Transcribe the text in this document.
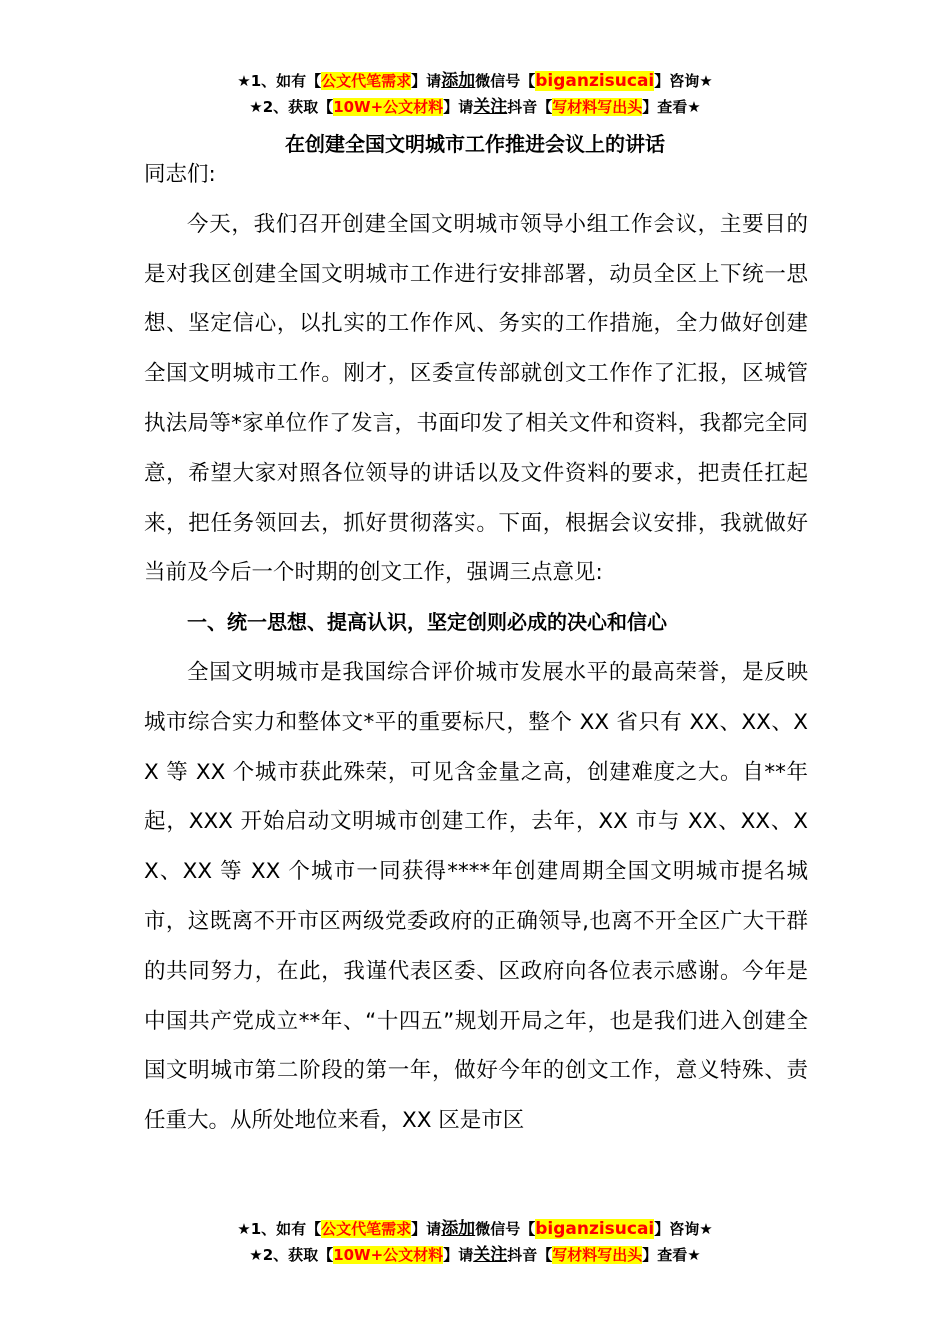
★1、如有【公文代笔需求】请添加微信号【biganzisucai】咨询★
★2、获取【10W+公文材料】请关注抖音【写材料写出头】查看★
在创建全国文明城市工作推进会议上的讲话

同志们:

今天，我们召开创建全国文明城市领导小组工作会议，主要目的是对我区创建全国文明城市工作进行安排部署，动员全区上下统一思想、坚定信心，以扎实的工作作风、务实的工作措施，全力做好创建全国文明城市工作。刚才，区委宣传部就创文工作作了汇报，区城管执法局等*家单位作了发言，书面印发了相关文件和资料，我都完全同意，希望大家对照各位领导的讲话以及文件资料的要求，把责任扛起来，把任务领回去，抓好贯彻落实。下面，根据会议安排，我就做好当前及今后一个时期的创文工作，强调三点意见:

一、统一思想、提高认识，坚定创则必成的决心和信心

全国文明城市是我国综合评价城市发展水平的最高荣誉，是反映城市综合实力和整体文*平的重要标尺，整个 XX 省只有 XX、XX、XX 等 XX 个城市获此殊荣，可见含金量之高，创建难度之大。自**年起，XXX 开始启动文明城市创建工作，去年，XX 市与 XX、XX、XX、XX 等 XX 个城市一同获得****年创建周期全国文明城市提名城市，这既离不开市区两级党委政府的正确领导,也离不开全区广大干群的共同努力，在此，我谨代表区委、区政府向各位表示感谢。今年是中国共产党成立**年、“十四五”规划开局之年，也是我们进入创建全国文明城市第二阶段的第一年，做好今年的创文工作，意义特殊、责任重大。从所处地位来看，XX 区是市区

★1、如有【公文代笔需求】请添加微信号【biganzisucai】咨询★
★2、获取【10W+公文材料】请关注抖音【写材料写出头】查看★
